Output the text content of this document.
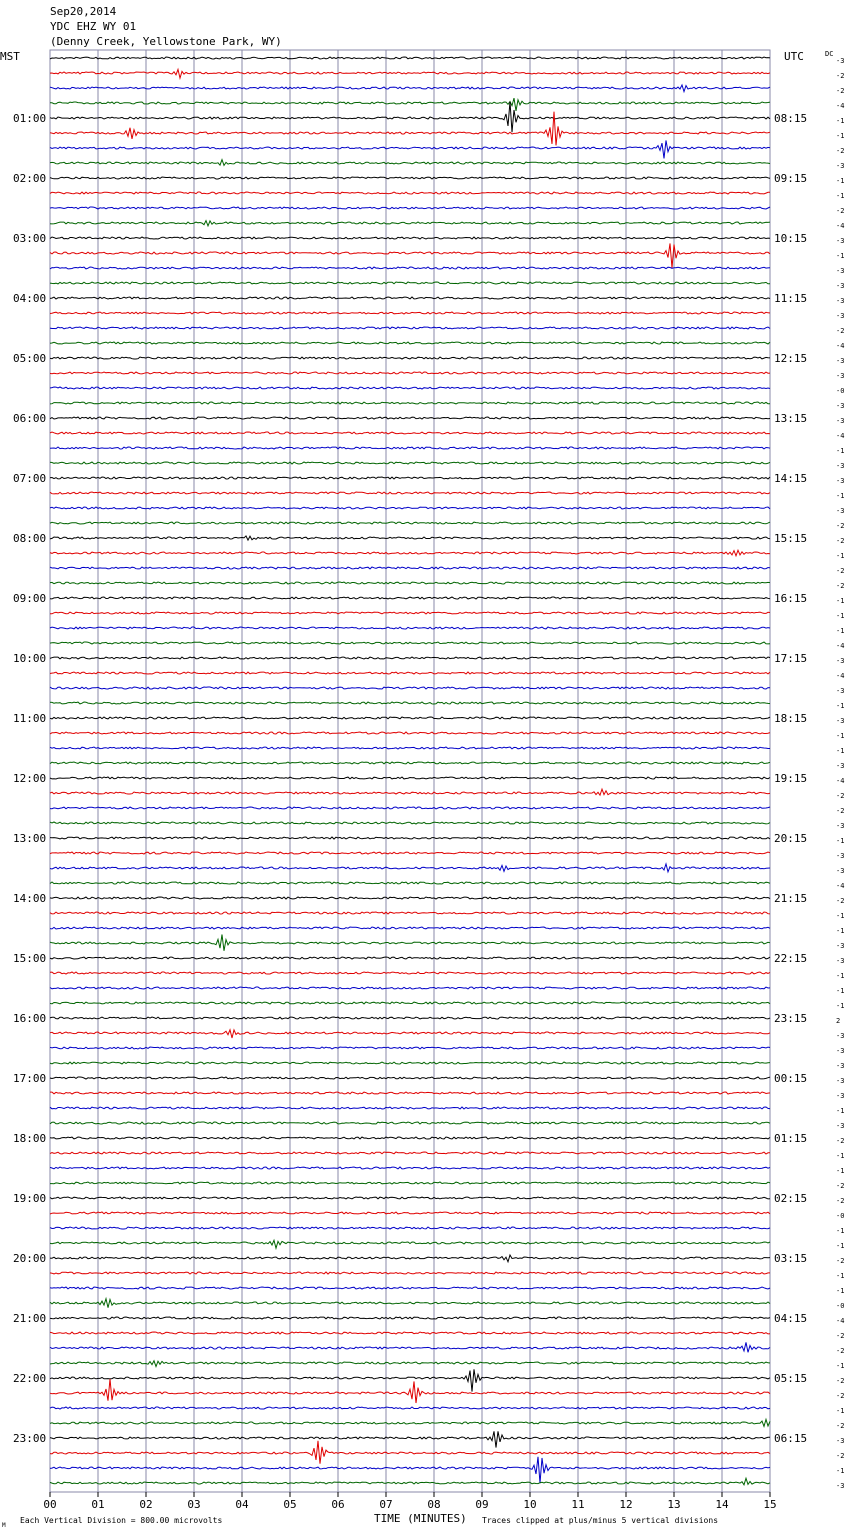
Sep20,2014
YDC EHZ WY 01
(Denny Creek, Yellowstone Park, WY)
00	01	02	03	04	05	06	07	08	09	10	11	12	13	14	15
-3
-2
-2
-4
-1
-1
-2
-3
-1
-1
-2
-4
-3
-1
-3
-3
-3
-3
-2
-4
-3
-3
-0
-3
-3
-4
-1
-3
-3
-1
-3
-2
-2
-1
-2
-2
-1
-1
-1
-4
-3
-4
-3
-1
-3
-1
-1
-3
-4
-2
-2
-3
-1
-3
-3
-4
-2
-1
-1
-3
-3
-1
-1
-1
2
-3
-3
-3
-3
-3
-1
-3
-2
-1
-1
-2
-2
-0
-1
-1
-2
-1
-1
-0
-4
-2
-2
-1
-2
-2
-1
-2
-3
-2
-1
-3
01:00
02:00
03:00
04:00
05:00
06:00
07:00
08:00
09:00
10:00
11:00
12:00
13:00
14:00
15:00
16:00
17:00
18:00
19:00
20:00
21:00
22:00
23:00
08:15
09:15
10:15
11:15
12:15
13:15
14:15
15:15
16:15
17:15
18:15
19:15
20:15
21:15
22:15
23:15
00:15
01:15
02:15
03:15
04:15
05:15
06:15
MST	UTC	DC
Each Vertical Division = 800.00 microvolts	TIME (MINUTES) Traces clipped at plus/minus 5 vertical divisions
M
